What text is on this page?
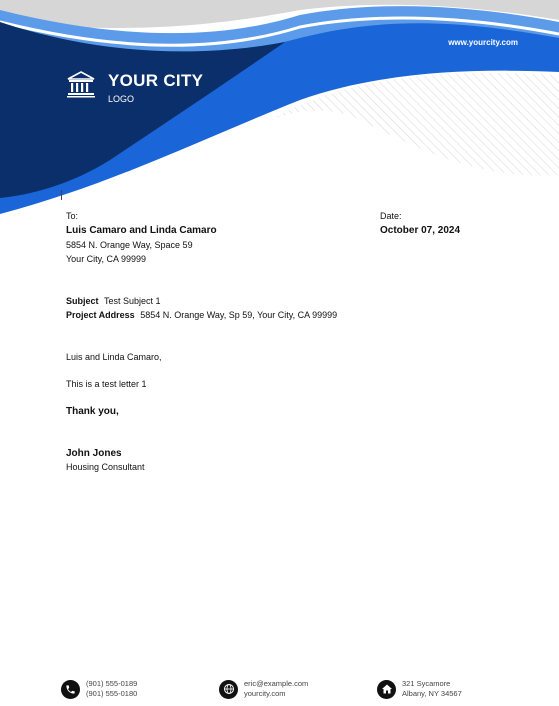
YOUR CITY
LOGO
www.yourcity.com
To:
Luis Camaro and Linda Camaro
5854 N. Orange Way, Space 59
Your City, CA 99999
Date:
October 07, 2024
Subject Test Subject 1
Project Address 5854 N. Orange Way, Sp 59, Your City, CA 99999
Luis and Linda Camaro,
This is a test letter 1
Thank you,
John Jones
Housing Consultant
(901) 555-0189
(901) 555-0180
eric@example.com
yourcity.com
321 Sycamore
Albany, NY 34567
